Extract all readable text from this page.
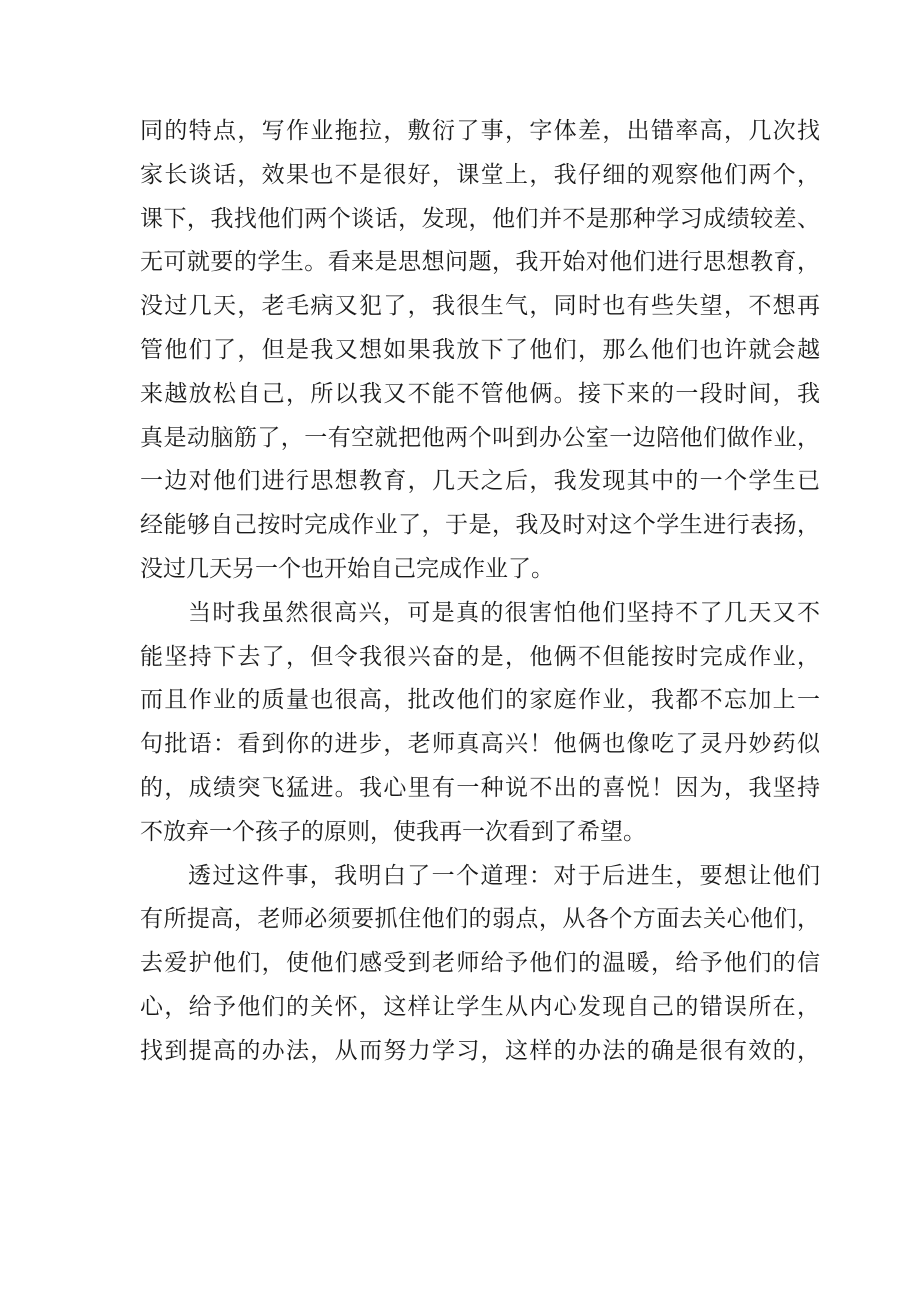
同的特点，写作业拖拉，敷衍了事，字体差，出错率高，几次找
家长谈话，效果也不是很好，课堂上，我仔细的观察他们两个，
课下，我找他们两个谈话，发现，他们并不是那种学习成绩较差、
无可就要的学生。看来是思想问题，我开始对他们进行思想教育，
没过几天，老毛病又犯了，我很生气，同时也有些失望，不想再
管他们了，但是我又想如果我放下了他们，那么他们也许就会越
来越放松自己，所以我又不能不管他俩。接下来的一段时间，我
真是动脑筋了，一有空就把他两个叫到办公室一边陪他们做作业，
一边对他们进行思想教育，几天之后，我发现其中的一个学生已
经能够自己按时完成作业了，于是，我及时对这个学生进行表扬，
没过几天另一个也开始自己完成作业了。
当时我虽然很高兴，可是真的很害怕他们坚持不了几天又不
能坚持下去了，但令我很兴奋的是，他俩不但能按时完成作业，
而且作业的质量也很高，批改他们的家庭作业，我都不忘加上一
句批语：看到你的进步，老师真高兴！他俩也像吃了灵丹妙药似
的，成绩突飞猛进。我心里有一种说不出的喜悦！因为，我坚持
不放弃一个孩子的原则，使我再一次看到了希望。
透过这件事，我明白了一个道理：对于后进生，要想让他们
有所提高，老师必须要抓住他们的弱点，从各个方面去关心他们，
去爱护他们，使他们感受到老师给予他们的温暖，给予他们的信
心，给予他们的关怀，这样让学生从内心发现自己的错误所在，
找到提高的办法，从而努力学习，这样的办法的确是很有效的，
